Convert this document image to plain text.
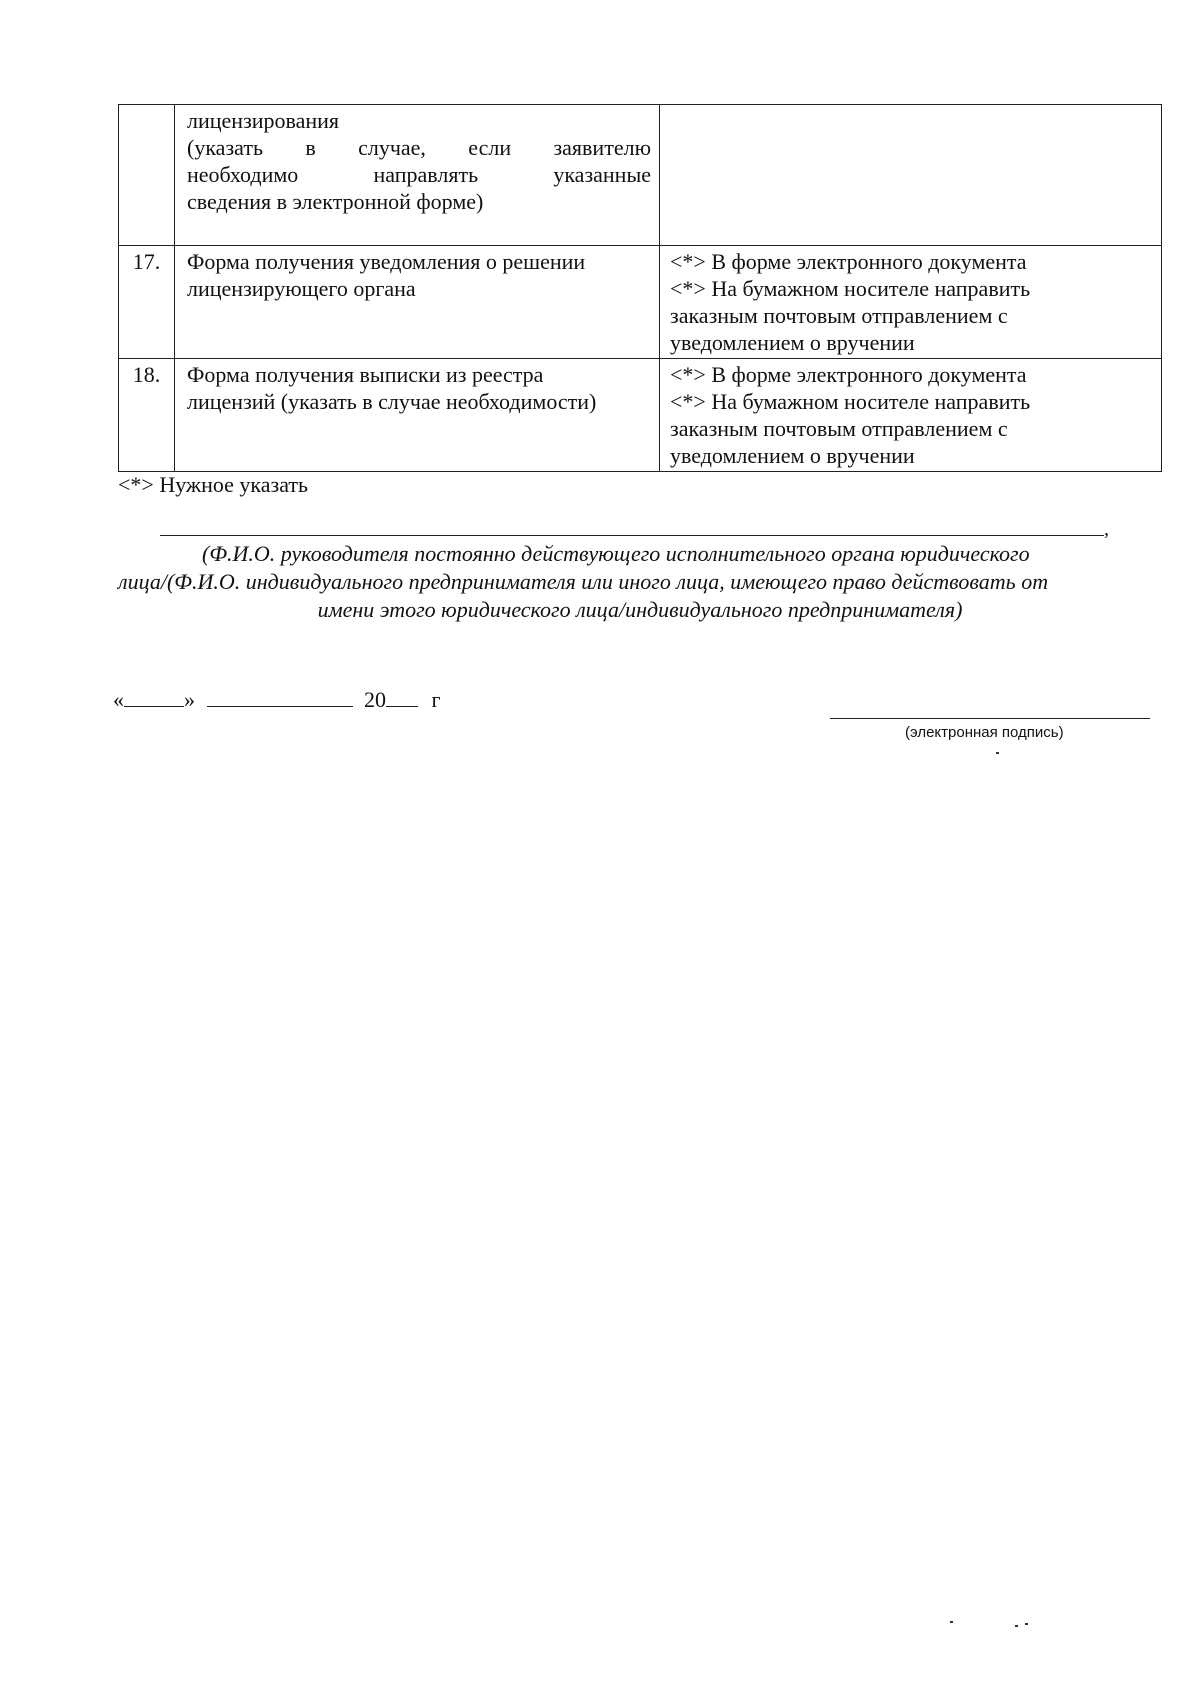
	лицензирования
(указать в случае, если заявителю
необходимо направлять указанные
сведения в электронной форме)	

17.	Форма получения уведомления о решении
лицензирующего органа	<*> В форме электронного документа
<*> На бумажном носителе направить
заказным почтовым отправлением с
уведомлением о вручении

18.	Форма получения выписки из реестра
лицензий (указать в случае необходимости)	<*> В форме электронного документа
<*> На бумажном носителе направить
заказным почтовым отправлением с
уведомлением о вручении
<*> Нужное указать
,
(Ф.И.О. руководителя постоянно действующего исполнительного органа юридического
лица/(Ф.И.О. индивидуального предпринимателя или иного лица, имеющего право действовать от
имени этого юридического лица/индивидуального предпринимателя)
«	»	20 г
(электронная подпись)
